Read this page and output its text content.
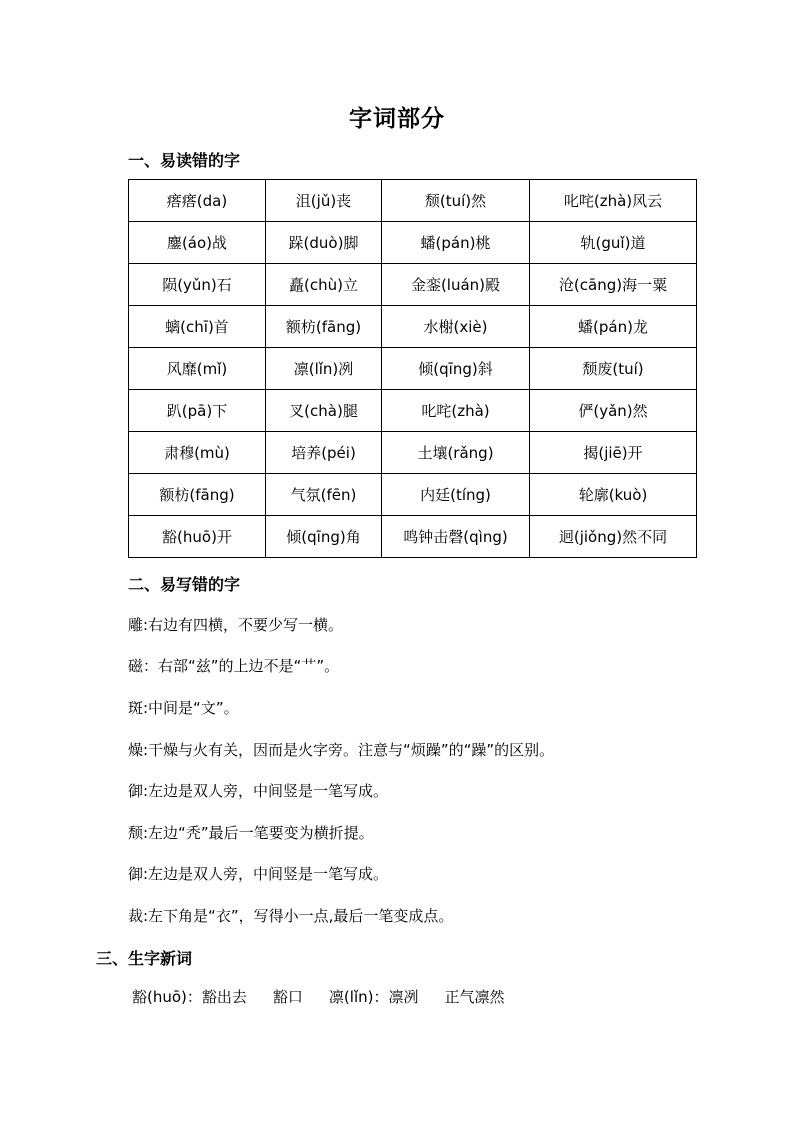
字词部分
一、易读错的字
瘩瘩(da)	沮(jǔ)丧	颓(tuí)然	叱咤(zhà)风云
鏖(áo)战	跺(duò)脚	蟠(pán)桃	轨(guǐ)道
陨(yǔn)石	矗(chù)立	金銮(luán)殿	沧(cāng)海一粟
螭(chī)首	额枋(fāng)	水榭(xiè)	蟠(pán)龙
风靡(mǐ)	凛(lǐn)冽	倾(qīng)斜	颓废(tuí)
趴(pā)下	叉(chà)腿	叱咤(zhà)	俨(yǎn)然
肃穆(mù)	培养(péi)	土壤(rǎng)	揭(jiē)开
额枋(fāng)	气氛(fēn)	内廷(tíng)	轮廓(kuò)
豁(huō)开	倾(qīng)角	鸣钟击磬(qìng)	迥(jiǒng)然不同
二、易写错的字
雕:右边有四横，不要少写一横。
磁：右部“兹”的上边不是“艹”。
斑:中间是“文”。
燥:干燥与火有关，因而是火字旁。注意与“烦躁”的“躁”的区别。
御:左边是双人旁，中间竖是一笔写成。
颓:左边“秃”最后一笔要变为横折提。
御:左边是双人旁，中间竖是一笔写成。
裁:左下角是“衣”，写得小一点,最后一笔变成点。
三、生字新词
豁(huō)：豁出去 豁口 凛(lǐn)：凛冽 正气凛然
